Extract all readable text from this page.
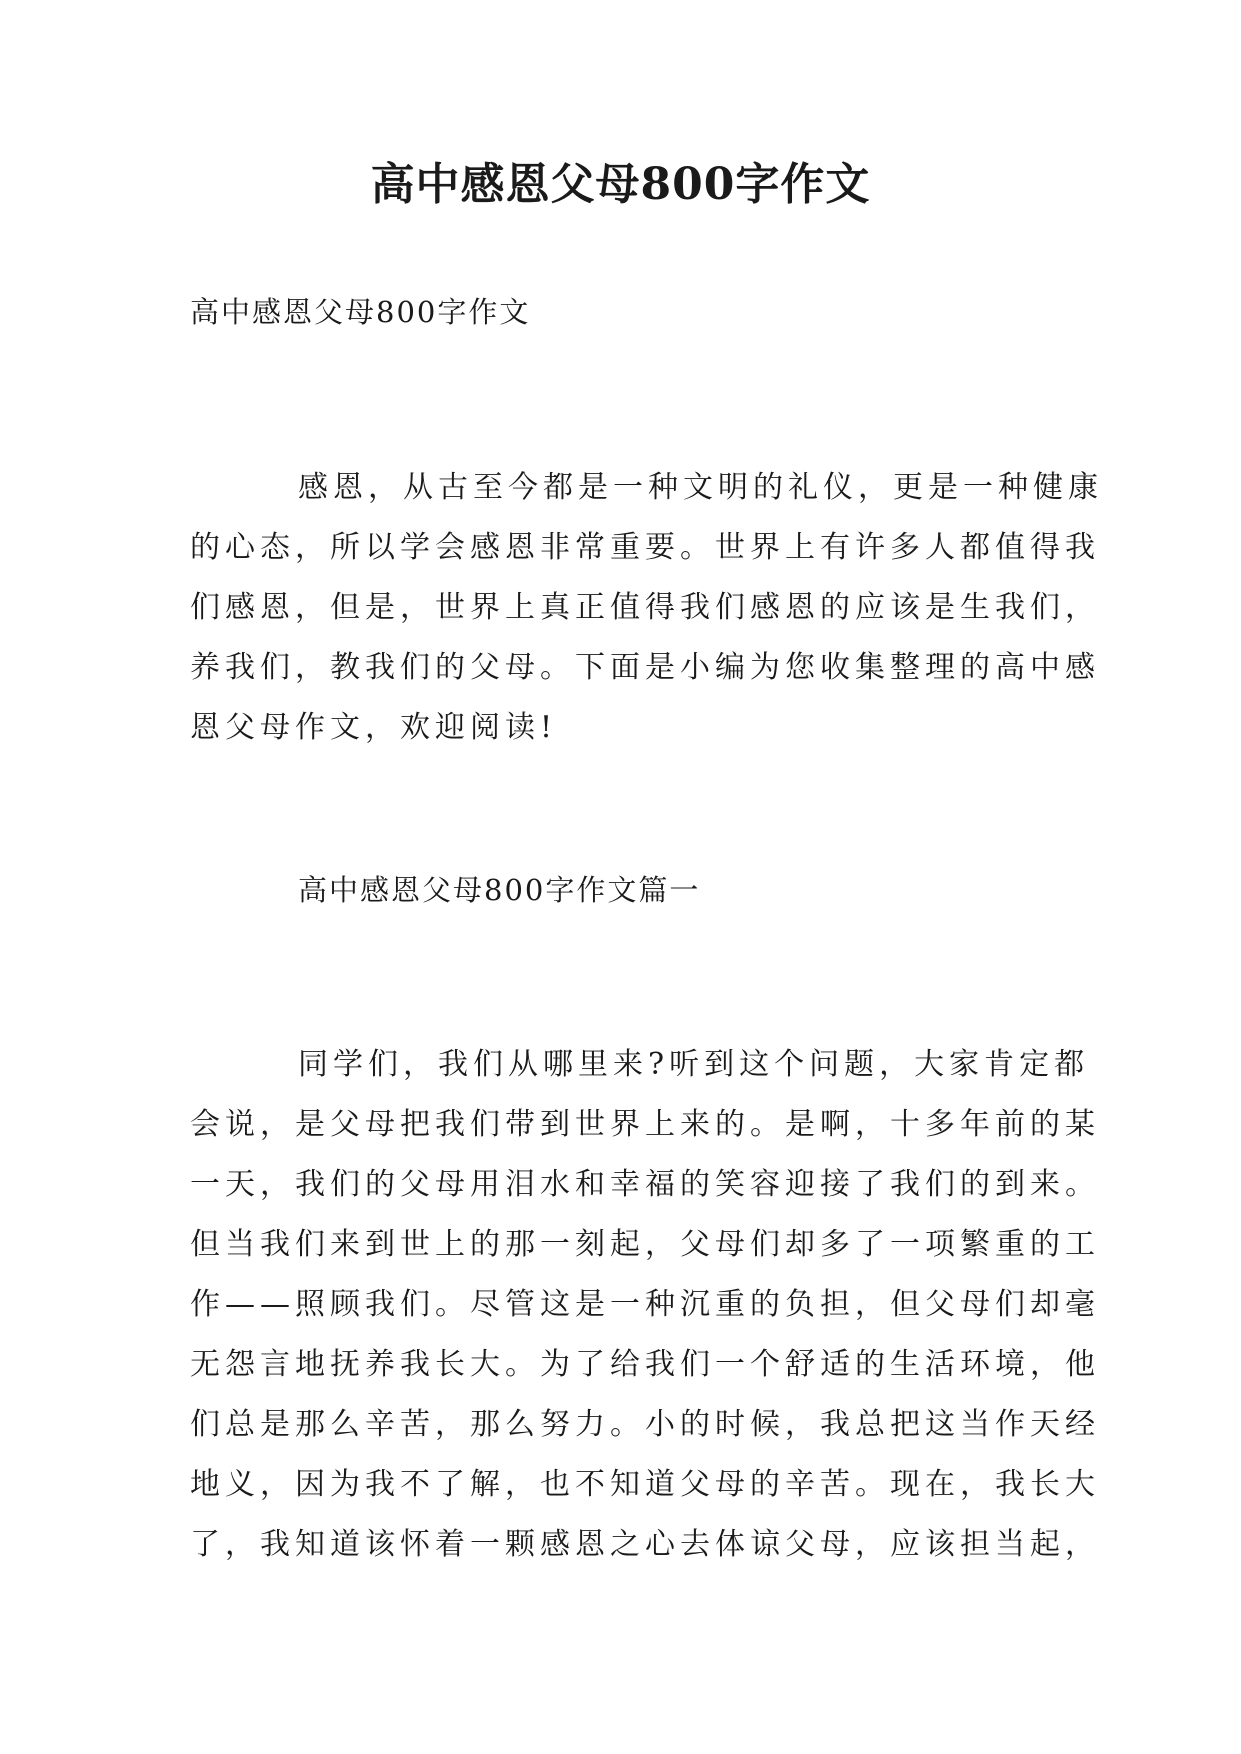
高中感恩父母800字作文
高中感恩父母800字作文

感恩，从古至今都是一种文明的礼仪，更是一种健康
的心态，所以学会感恩非常重要。世界上有许多人都值得我
们感恩，但是，世界上真正值得我们感恩的应该是生我们，
养我们，教我们的父母。下面是小编为您收集整理的高中感
恩父母作文，欢迎阅读!

高中感恩父母800字作文篇一

同学们，我们从哪里来?听到这个问题，大家肯定都
会说，是父母把我们带到世界上来的。是啊，十多年前的某
一天，我们的父母用泪水和幸福的笑容迎接了我们的到来。
但当我们来到世上的那一刻起，父母们却多了一项繁重的工
作——照顾我们。尽管这是一种沉重的负担，但父母们却毫
无怨言地抚养我长大。为了给我们一个舒适的生活环境，他
们总是那么辛苦，那么努力。小的时候，我总把这当作天经
地义，因为我不了解，也不知道父母的辛苦。现在，我长大
了，我知道该怀着一颗感恩之心去体谅父母，应该担当起，
